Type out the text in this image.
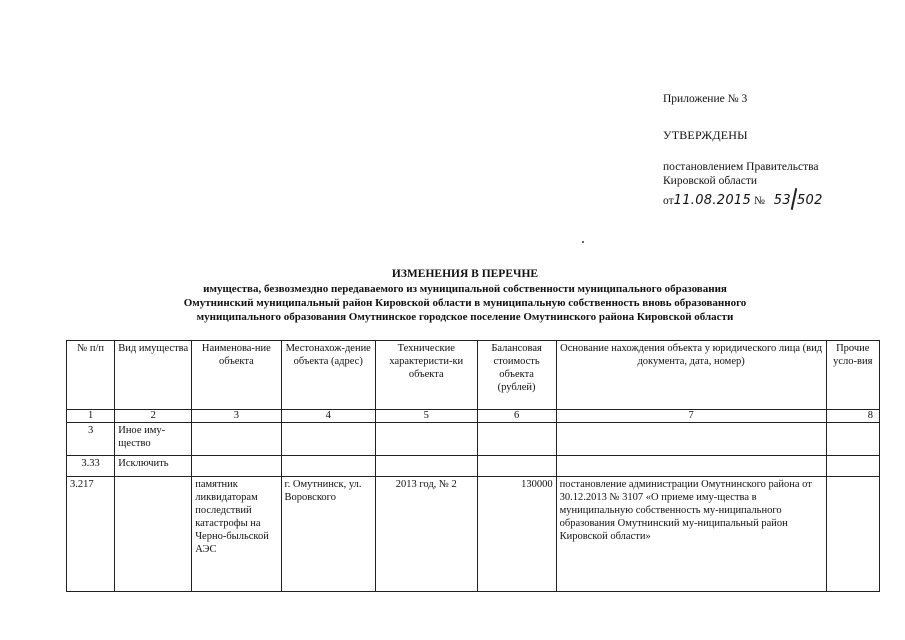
Приложение № 3
УТВЕРЖДЕНЫ
постановлением Правительства
Кировской области
от11.08.2015 № 53 502
ИЗМЕНЕНИЯ В ПЕРЕЧНЕ
имущества, безвозмездно передаваемого из муниципальной собственности муниципального образования
Омутнинский муниципальный район Кировской области в муниципальную собственность вновь образованного
муниципального образования Омутнинское городское поселение Омутнинского района Кировской области
№ п/п	Вид имущества	Наименова-ние объекта	Местонахож-дение объекта (адрес)	Технические характеристи-ки объекта	Балансовая стоимость объекта (рублей)	Основание нахождения объекта у юридического лица (вид документа, дата, номер)	Прочие усло-вия
1	2	3	4	5	6	7	8
3	Иное иму-щество						
3.33	Исключить						
3.217		памятник ликвидаторам последствий катастрофы на Черно-быльской АЭС	г. Омутнинск, ул. Воровского	2013 год, № 2	130000	постановление администрации Омутнинского района от 30.12.2013 № 3107 «О приеме иму-щества в муниципальную собственность му-ниципального образования Омутнинский му-ниципальный район Кировской области»	
